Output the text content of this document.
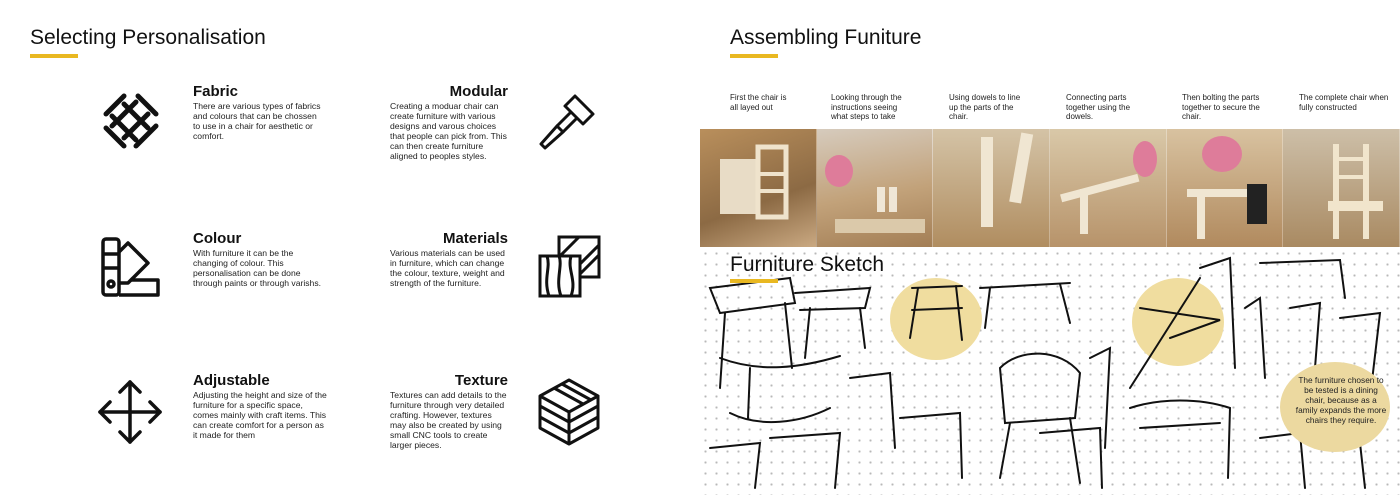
Selecting Personalisation

Fabric

There are various types of fabrics and colours that can be chossen to use in a chair for aesthetic or comfort.

Modular

Creating a moduar chair can create furniture with various designs and varous choices that people can pick from. This can then create furniture aligned to peoples styles.

Colour

With furniture it can be the changing of colour. This personalisation can be done through paints or through varishs.

Materials

Various materials can be used in furniture, which can change the colour, texture, weight and strength of the furniture.

Adjustable

Adjusting the height and size of the furniture for a specific space, comes mainly with craft items. This can create comfort for a person as it made for them

Texture

Textures can add details to the furniture through very detailed crafting. However, textures may also be created by using small CNC tools to create larger pieces.

Assembling Funiture
First the chair is all layed out
Looking through the instructions seeing what steps to take
Using dowels to line up the parts of the chair.
Connecting parts together using the dowels.
Then bolting the parts together to secure the chair.
The complete chair when fully constructed
Furniture Sketch
The furniture chosen to be tested is a dining chair, because as a family expands the more chairs they require.
